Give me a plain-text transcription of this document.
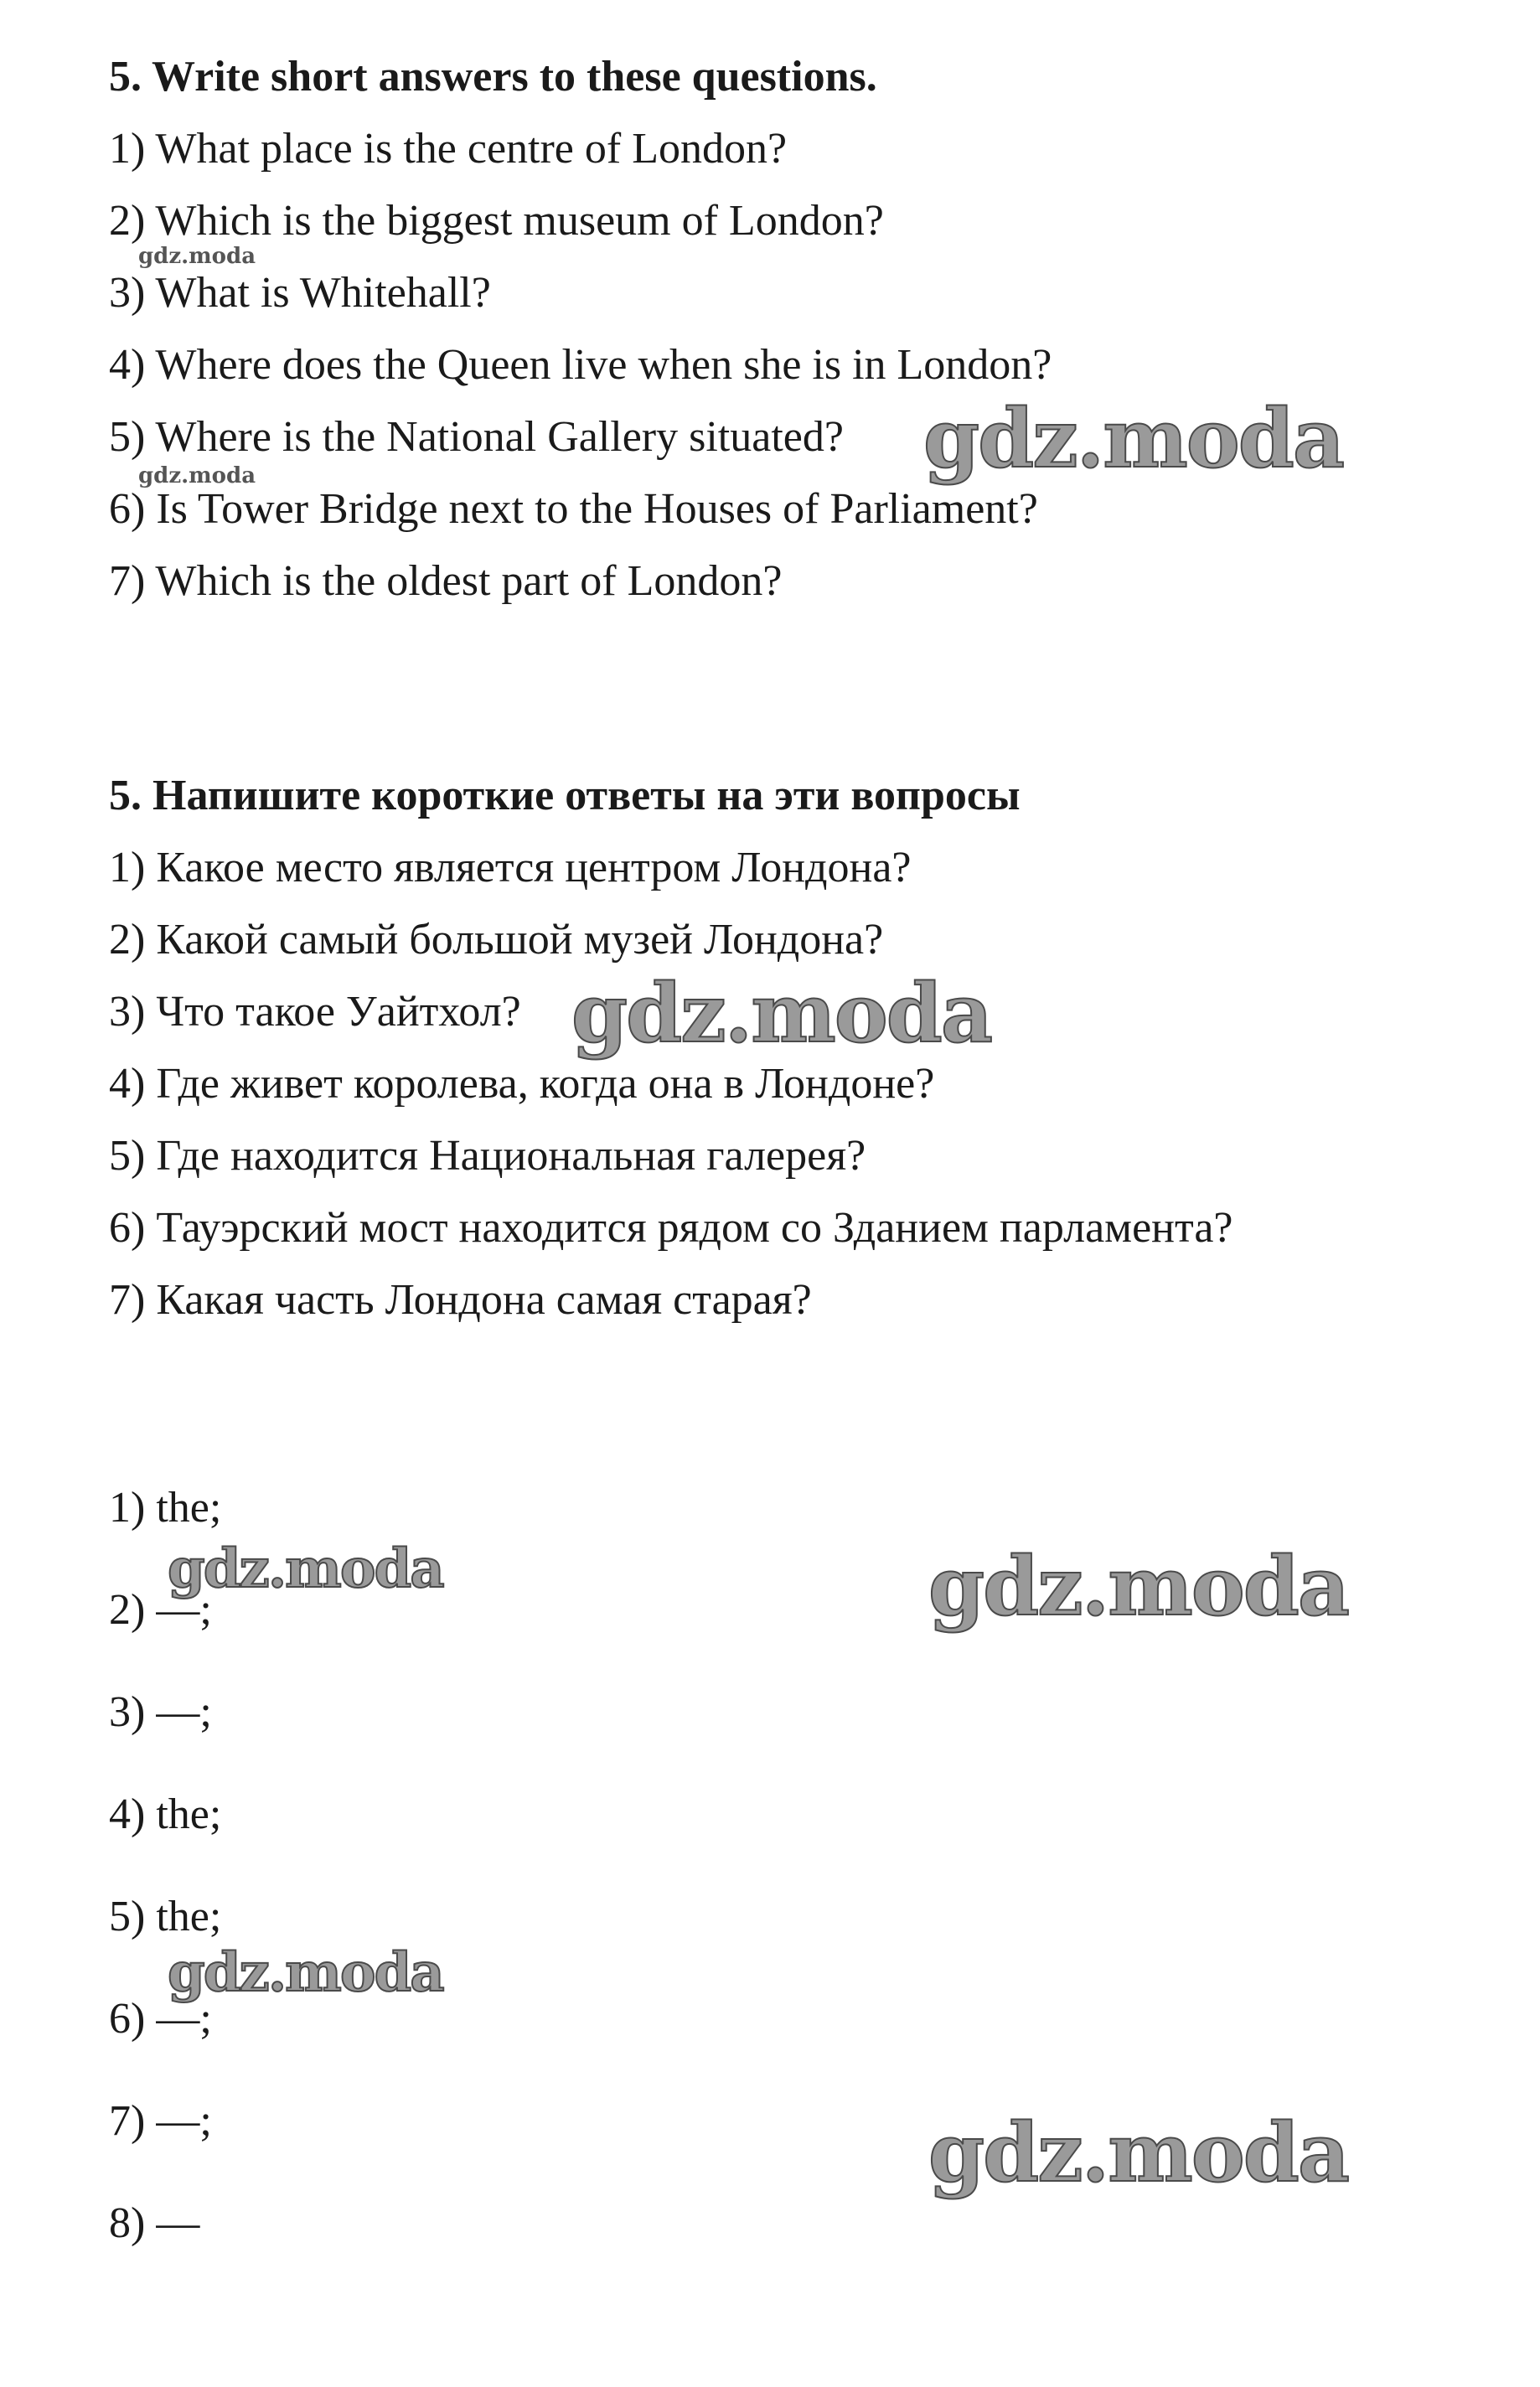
5. Write short answers to these questions.

1) What place is the centre of London?

2) Which is the biggest museum of London?

3) What is Whitehall?

4) Where does the Queen live when she is in London?

5) Where is the National Gallery situated?

6) Is Tower Bridge next to the Houses of Parliament?

7) Which is the oldest part of London?

5. Напишите короткие ответы на эти вопросы

1) Какое место является центром Лондона?

2) Какой самый большой музей Лондона?

3) Что такое Уайтхол?

4) Где живет королева, когда она в Лондоне?

5) Где находится Национальная галерея?

6) Тауэрский мост находится рядом со Зданием парламента?

7) Какая часть Лондона самая старая?

1) the;

2) —;

3) —;

4) the;

5) the;

6) —;

7) —;

8) —

gdz.moda
gdz.moda	gdz.moda
gdz.moda
gdz.moda	gdz.moda
gdz.moda
gdz.moda
